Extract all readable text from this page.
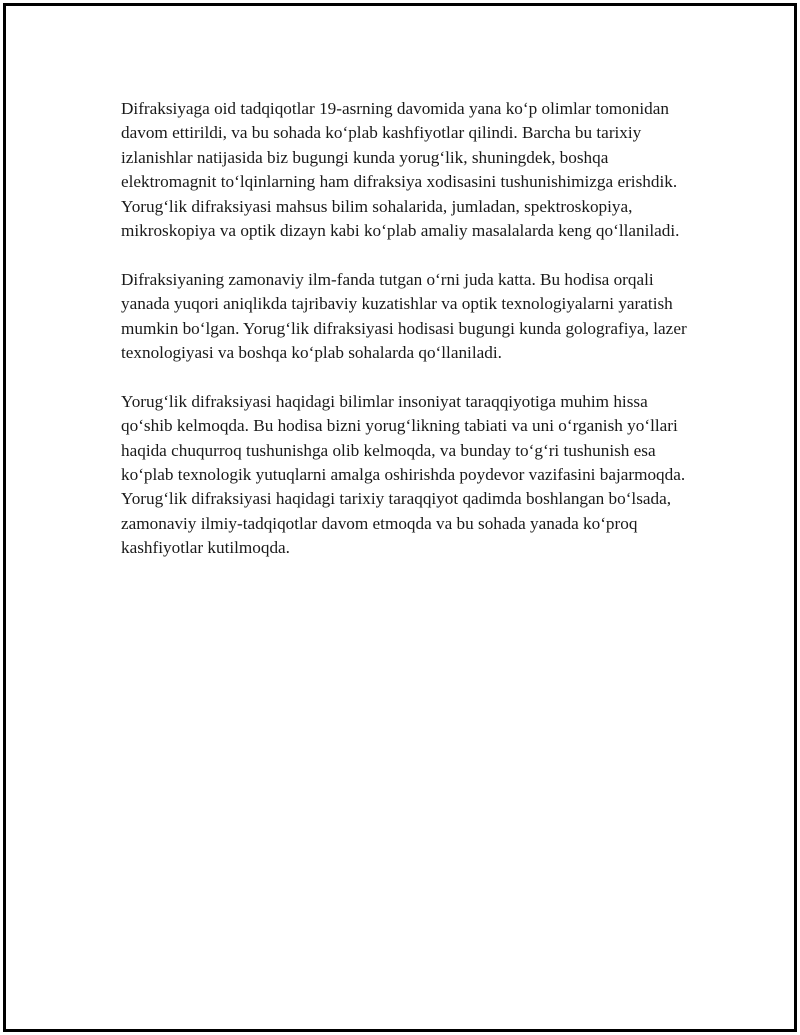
Difraksiyaga oid tadqiqotlar 19-asrning davomida yana ko‘p olimlar tomonidan davom ettirildi, va bu sohada ko‘plab kashfiyotlar qilindi. Barcha bu tarixiy izlanishlar natijasida biz bugungi kunda yorug‘lik, shuningdek, boshqa elektromagnit to‘lqinlarning ham difraksiya xodisasini tushunishimizga erishdik. Yorug‘lik difraksiyasi mahsus bilim sohalarida, jumladan, spektroskopiya, mikroskopiya va optik dizayn kabi ko‘plab amaliy masalalarda keng qo‘llaniladi.

Difraksiyaning zamonaviy ilm-fanda tutgan o‘rni juda katta. Bu hodisa orqali yanada yuqori aniqlikda tajribaviy kuzatishlar va optik texnologiyalarni yaratish mumkin bo‘lgan. Yorug‘lik difraksiyasi hodisasi bugungi kunda golografiya, lazer texnologiyasi va boshqa ko‘plab sohalarda qo‘llaniladi.

Yorug‘lik difraksiyasi haqidagi bilimlar insoniyat taraqqiyotiga muhim hissa qo‘shib kelmoqda. Bu hodisa bizni yorug‘likning tabiati va uni o‘rganish yo‘llari haqida chuqurroq tushunishga olib kelmoqda, va bunday to‘g‘ri tushunish esa ko‘plab texnologik yutuqlarni amalga oshirishda poydevor vazifasini bajarmoqda. Yorug‘lik difraksiyasi haqidagi tarixiy taraqqiyot qadimda boshlangan bo‘lsada, zamonaviy ilmiy-tadqiqotlar davom etmoqda va bu sohada yanada ko‘proq kashfiyotlar kutilmoqda.
